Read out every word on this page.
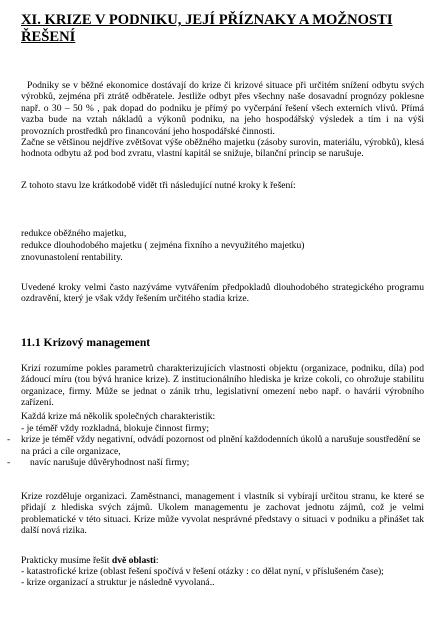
XI. KRIZE V PODNIKU, JEJÍ PŘÍZNAKY A MOŽNOSTI ŘEŠENÍ

Podniky se v běžné ekonomice dostávají do krize či krizové situace při určitém snížení odbytu svých výrobků, zejména při ztrátě odběratele. Jestliže odbyt přes všechny naše dosavadní prognózy poklesne např. o 30 – 50 % , pak dopad do podniku je přímý po vyčerpání řešení všech externích vlivů. Přímá vazba bude na vztah nákladů a výkonů podniku, na jeho hospodářský výsledek a tím i na výši provozních prostředků pro financování jeho hospodářské činnosti.
Začne se většinou nejdříve zvětšovat výše oběžného majetku (zásoby surovin, materiálu, výrobků), klesá hodnota odbytu až pod bod zvratu, vlastní kapitál se snižuje, bilanční princip se narušuje.

Z tohoto stavu lze krátkodobě vidět tři následující nutné kroky k řešení:

redukce oběžného majetku,
redukce dlouhodobého majetku ( zejména fixního a nevyužitého majetku)
znovunastolení rentability.

Uvedené kroky velmi často nazýváme vytvářením předpokladů dlouhodobého strategického programu ozdravění, který je však vždy řešením určitého stadia krize.

11.1 Krizový management

Krizí rozumíme pokles parametrů charakterizujících vlastnosti objektu (organizace, podniku, díla) pod žádoucí míru (tou bývá hranice krize). Z institucionálního hlediska je krize cokoli, co ohrožuje stabilitu organizace, firmy. Může se jednat o zánik trhu, legislativní omezení nebo např. o havárii výrobního zařízení.

Každá krize má několik společných charakteristik:

- je téměř vždy rozkladná, blokuje činnost firmy;
- krize je téměř vždy negativní, odvádí pozornost od plnění každodenních úkolů a narušuje soustředění se na práci a cíle organizace,
- navíc narušuje důvěryhodnost naší firmy;

Krize rozděluje organizaci. Zaměstnanci, management i vlastník si vybírají určitou stranu, ke které se přidají z hlediska svých zájmů. Ukolem managementu je zachovat jednotu zájmů, což je velmi problematické v této situaci. Krize může vyvolat nesprávné představy o situaci v podniku a přinášet tak další nová rizika.

Prakticky musíme řešit dvě oblasti:

- katastrofické krize (oblast řešení spočívá v řešení otázky : co dělat nyní, v příslušeném čase);
- krize organizací a struktur je následně vyvolaná..
